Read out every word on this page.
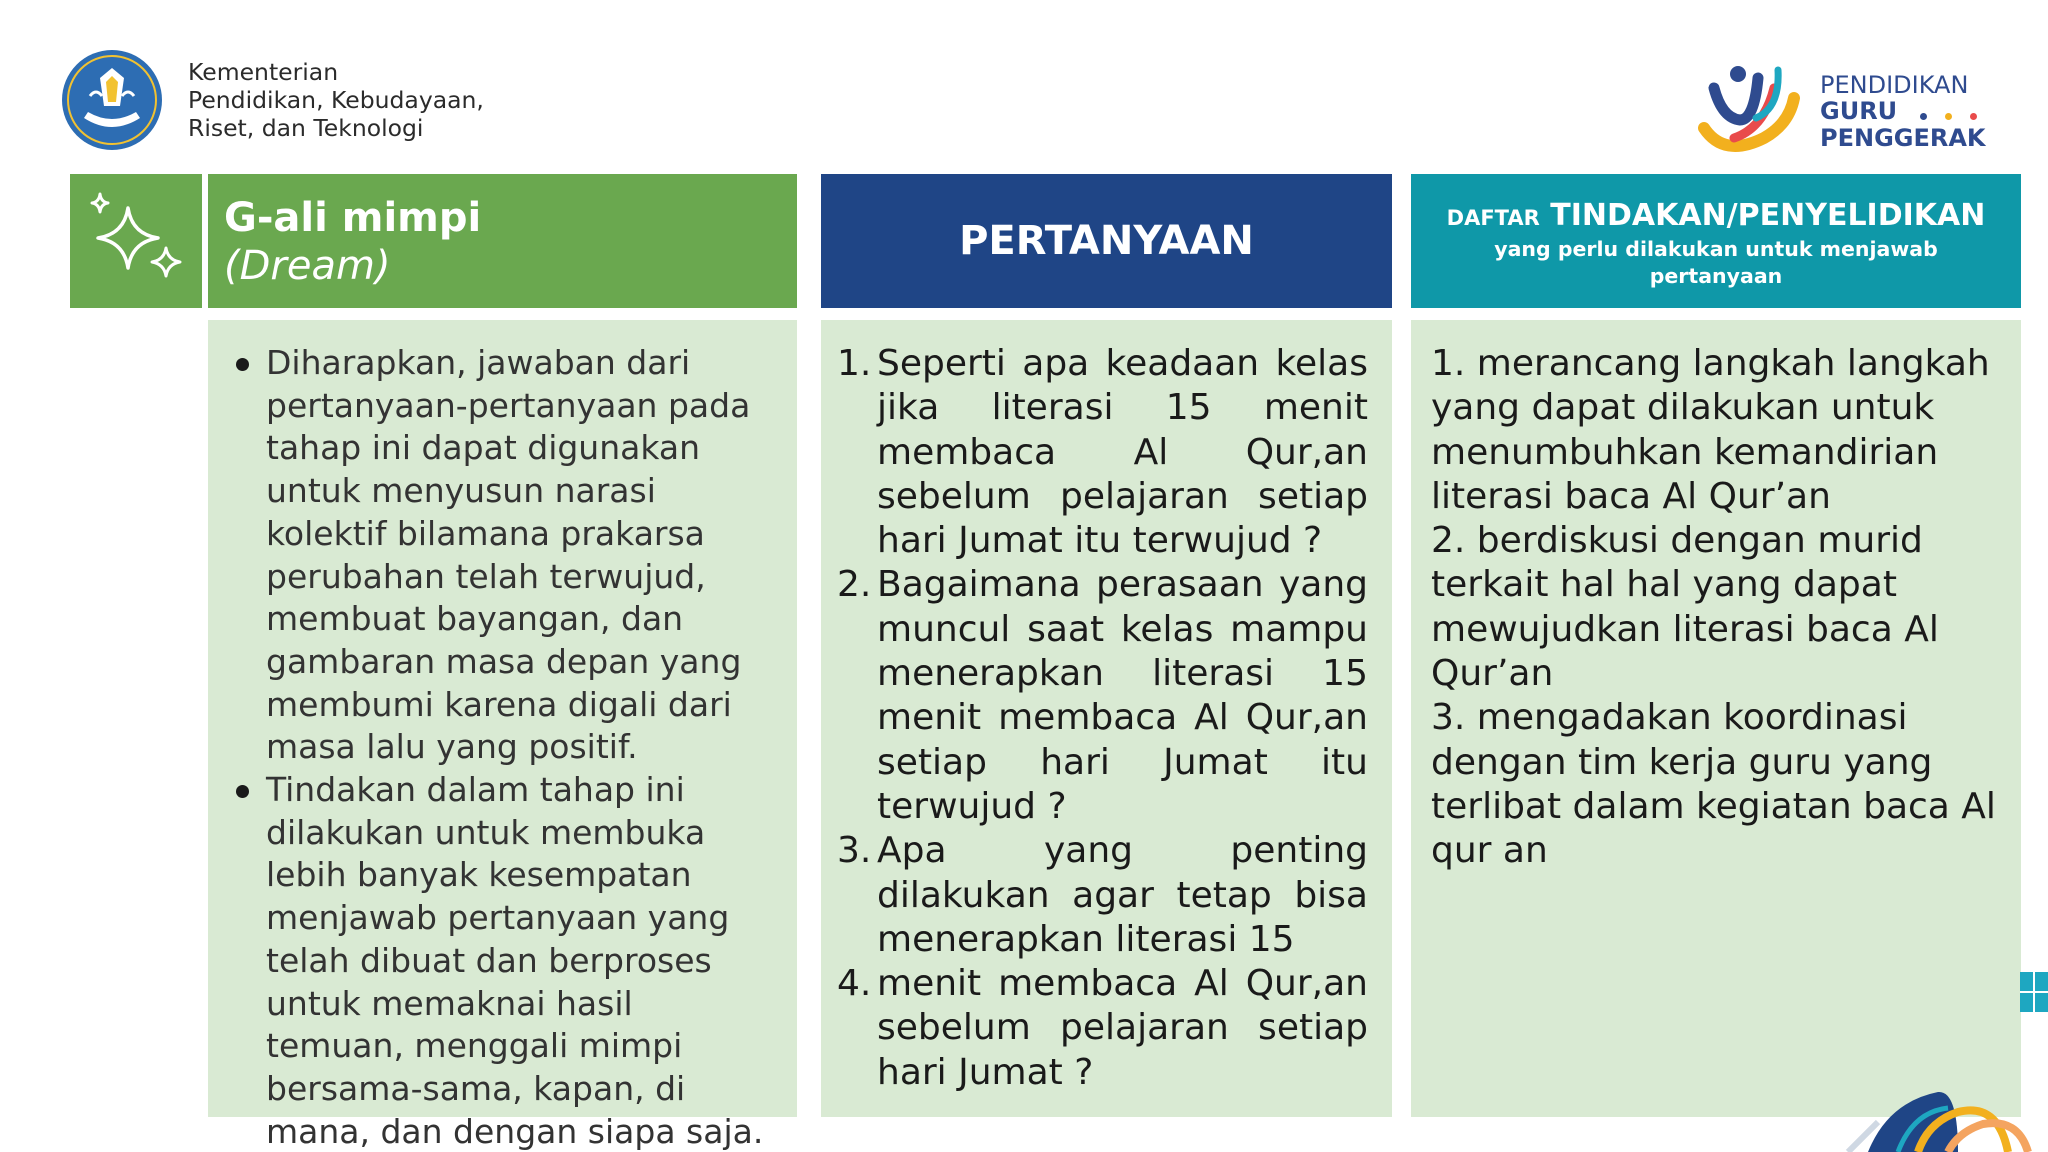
Kementerian
Pendidikan, Kebudayaan,
Riset, dan Teknologi
PENDIDIKAN
GURU
PENGGERAK
G-ali mimpi
(Dream)
PERTANYAAN	DAFTAR TINDAKAN/PENYELIDIKAN
yang perlu dilakukan untuk menjawab pertanyaan
Diharapkan, jawaban dari pertanyaan-pertanyaan pada tahap ini dapat digunakan untuk menyusun narasi kolektif bilamana prakarsa perubahan telah terwujud, membuat bayangan, dan gambaran masa depan yang membumi karena digali dari masa lalu yang positif.
Tindakan dalam tahap ini dilakukan untuk membuka lebih banyak kesempatan menjawab pertanyaan yang telah dibuat dan berproses untuk memaknai hasil temuan, menggali mimpi bersama-sama, kapan, di mana, dan dengan siapa saja.
1. Seperti apa keadaan kelas jika literasi 15 menit membaca Al Qur,an sebelum pelajaran setiap hari Jumat itu terwujud ?
2. Bagaimana perasaan yang muncul saat kelas mampu menerapkan literasi 15 menit membaca Al Qur,an setiap hari Jumat itu terwujud ?
3. Apa yang penting dilakukan agar tetap bisa menerapkan literasi 15
4. menit membaca Al Qur,an sebelum pelajaran setiap hari Jumat ?
1. merancang langkah langkah yang dapat dilakukan untuk menumbuhkan kemandirian literasi baca Al Qur’an
2. berdiskusi dengan murid terkait hal hal yang dapat mewujudkan literasi baca Al Qur’an
3. mengadakan koordinasi dengan tim kerja guru yang terlibat dalam kegiatan baca Al qur an
